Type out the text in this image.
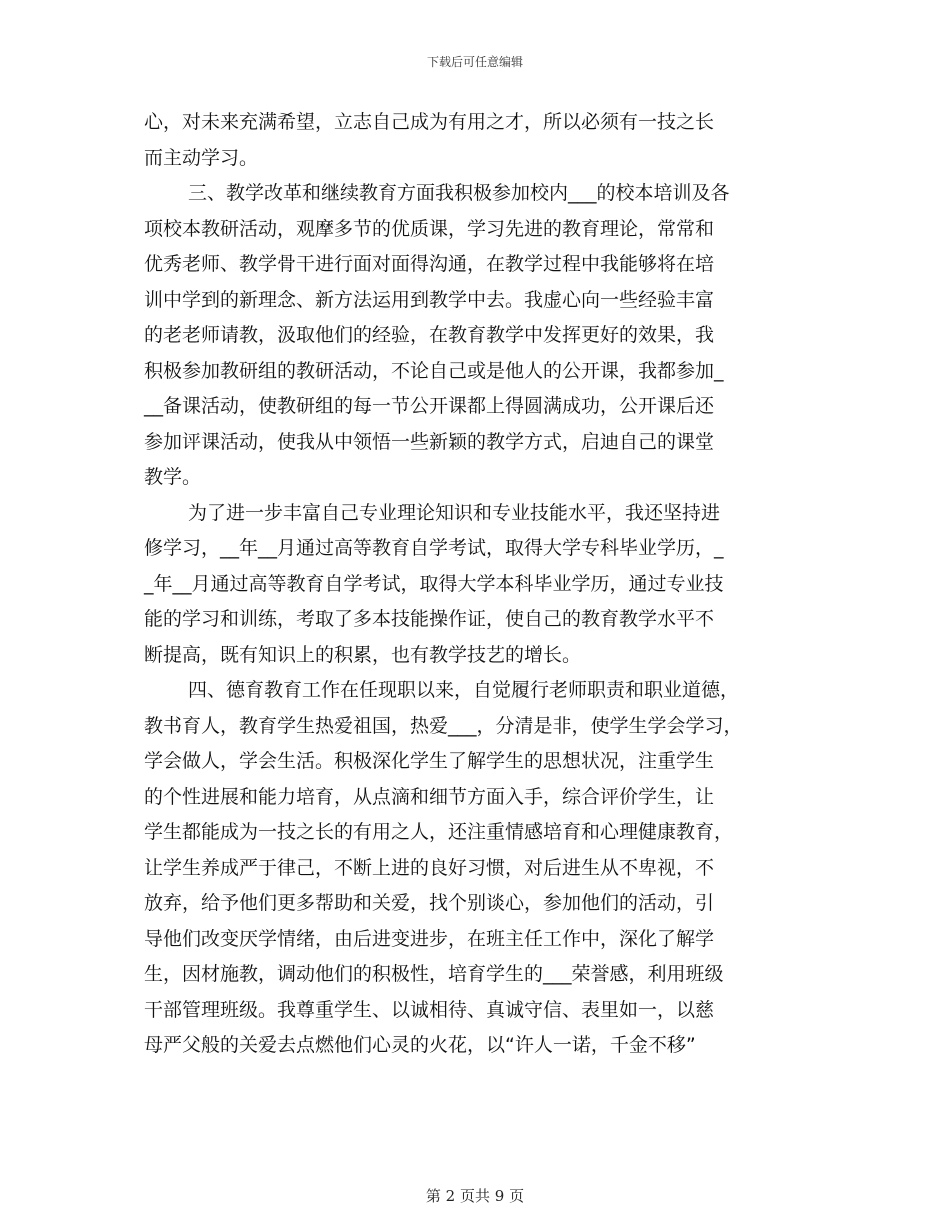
下载后可任意编辑
心，对未来充满希望，立志自己成为有用之才，所以必须有一技之长
而主动学习。
三、教学改革和继续教育方面我积极参加校内___的校本培训及各
项校本教研活动，观摩多节的优质课，学习先进的教育理论，常常和
优秀老师、教学骨干进行面对面得沟通，在教学过程中我能够将在培
训中学到的新理念、新方法运用到教学中去。我虚心向一些经验丰富
的老老师请教，汲取他们的经验，在教育教学中发挥更好的效果，我
积极参加教研组的教研活动，不论自己或是他人的公开课，我都参加_
__备课活动，使教研组的每一节公开课都上得圆满成功，公开课后还
参加评课活动，使我从中领悟一些新颖的教学方式，启迪自己的课堂
教学。
为了进一步丰富自己专业理论知识和专业技能水平，我还坚持进
修学习，__年__月通过高等教育自学考试，取得大学专科毕业学历，_
_年__月通过高等教育自学考试，取得大学本科毕业学历，通过专业技
能的学习和训练，考取了多本技能操作证，使自己的教育教学水平不
断提高，既有知识上的积累，也有教学技艺的增长。
四、德育教育工作在任现职以来，自觉履行老师职责和职业道德，
教书育人，教育学生热爱祖国，热爱___，分清是非，使学生学会学习，
学会做人，学会生活。积极深化学生了解学生的思想状况，注重学生
的个性进展和能力培育，从点滴和细节方面入手，综合评价学生，让
学生都能成为一技之长的有用之人，还注重情感培育和心理健康教育，
让学生养成严于律己，不断上进的良好习惯，对后进生从不卑视，不
放弃，给予他们更多帮助和关爱，找个别谈心，参加他们的活动，引
导他们改变厌学情绪，由后进变进步，在班主任工作中，深化了解学
生，因材施教，调动他们的积极性，培育学生的___荣誉感，利用班级
干部管理班级。我尊重学生、以诚相待、真诚守信、表里如一，以慈
母严父般的关爱去点燃他们心灵的火花，以“许人一诺，千金不移”
第 2 页共 9 页
